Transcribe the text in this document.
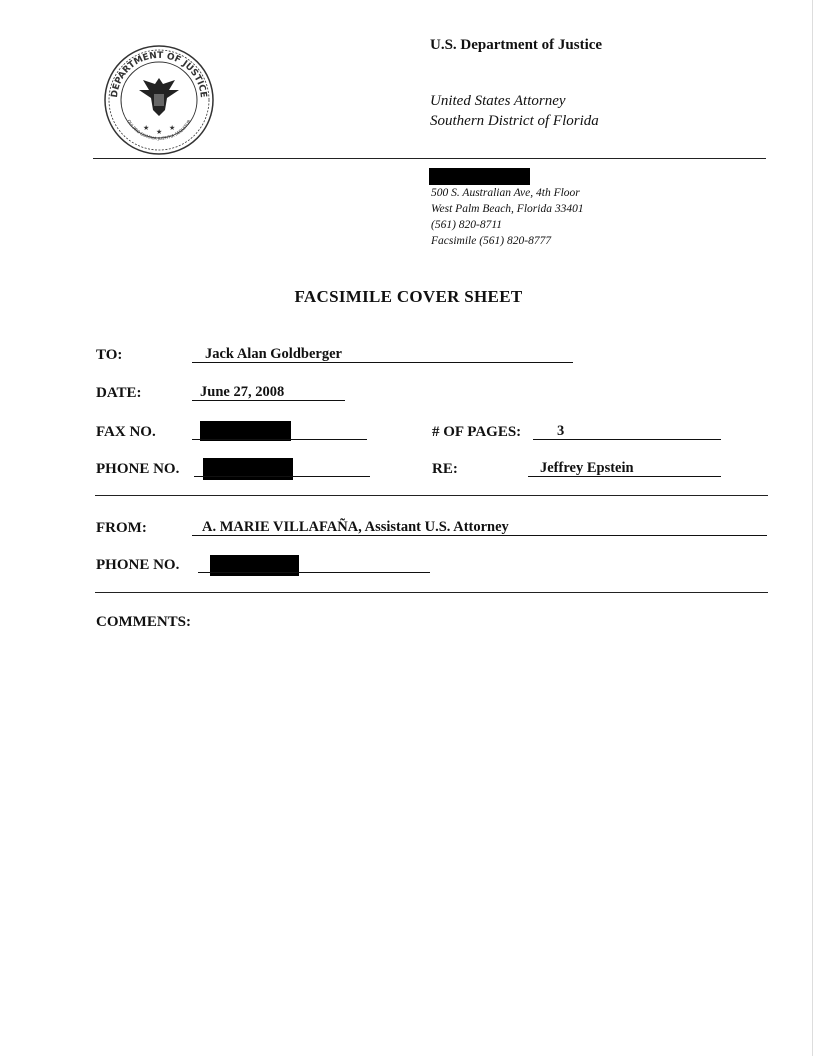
DEPARTMENT OF JUSTICE
QUI PRO DOMINA JUSTITIA SEQUITUR
★ ★ ★
U.S. Department of Justice
United States Attorney
Southern District of Florida
500 S. Australian Ave, 4th Floor
West Palm Beach, Florida 33401
(561) 820-8711
Facsimile (561) 820-8777
FACSIMILE COVER SHEET
TO:	Jack Alan Goldberger
DATE:	June 27, 2008
FAX NO.	# OF PAGES: 3
PHONE NO.	RE:	Jeffrey Epstein
FROM:	A. MARIE VILLAFAÑA, Assistant U.S. Attorney
PHONE NO.
COMMENTS:
